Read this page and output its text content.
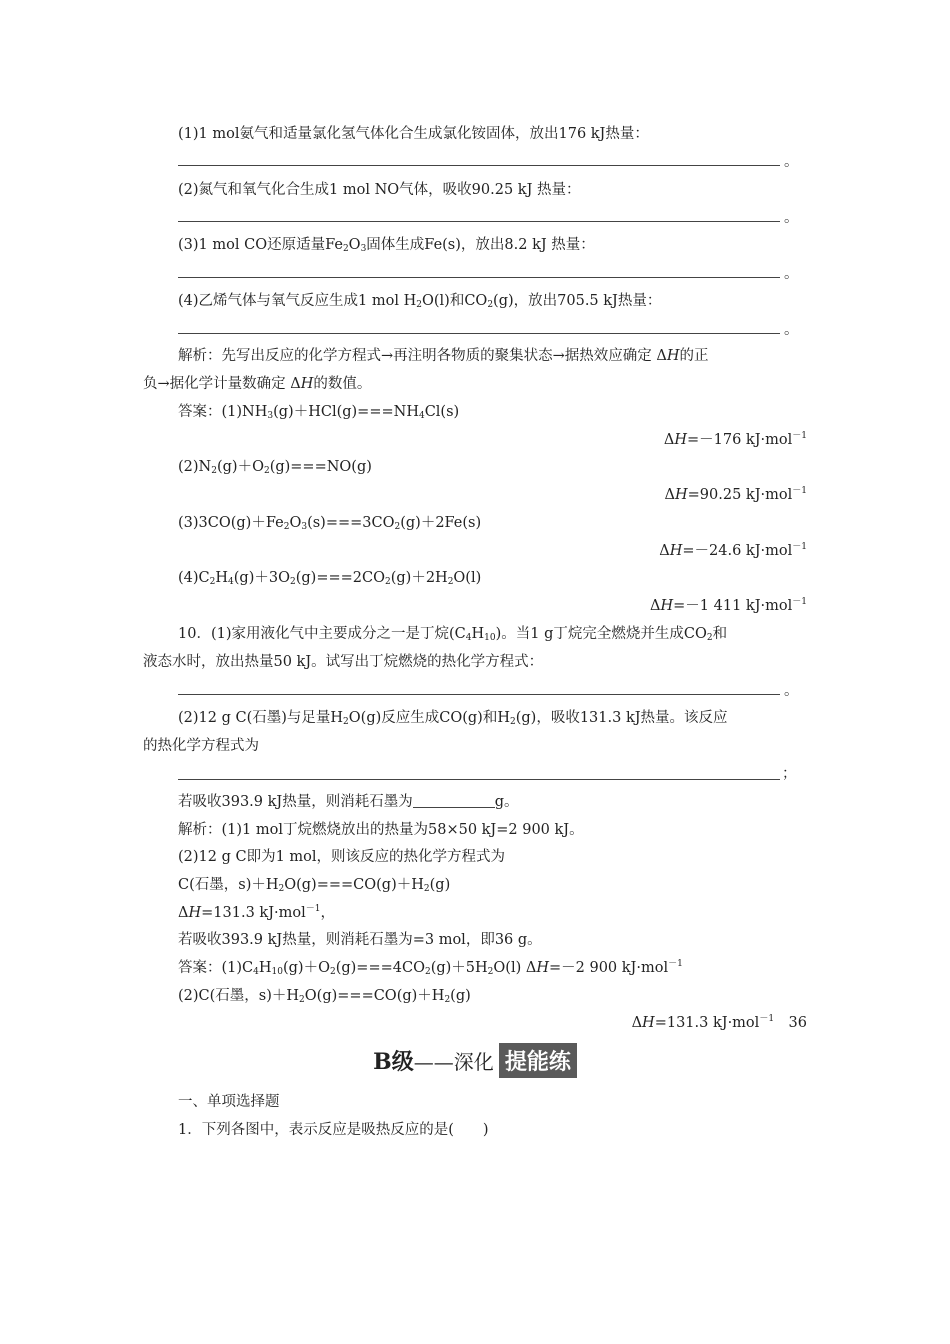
(1)1 mol氨气和适量氯化氢气体化合生成氯化铵固体，放出176 kJ热量：
。
(2)氮气和氧气化合生成1 mol NO气体，吸收90.25 kJ 热量：
。
(3)1 mol CO还原适量$Fe_2O_3$固体生成Fe(s)，放出8.2 kJ 热量：
。
(4)乙烯气体与氧气反应生成1 mol $H_2O(l)$和$CO_2(g)$，放出705.5 kJ热量：
。
解析：先写出反应的化学方程式→再注明各物质的聚集状态→据热效应确定 ΔH的正
负→据化学计量数确定 ΔH的数值。
答案：$(1)NH_3(g)+HCl(g)===NH_4Cl(s)$
ΔH=－176 kJ·mol$^{-1}$
$(2)N_2(g)+O_2(g)===NO(g)$
ΔH=90.25 kJ·mol$^{-1}$
$(3)3CO(g)+Fe_2O_3(s)===3CO_2(g)+2Fe(s)$
ΔH=－24.6 kJ·mol$^{-1}$
$(4)C_2H_4(g)+3O_2(g)===2CO_2(g)+2H_2O(l)$
ΔH=－1 411 kJ·mol$^{-1}$
10．(1)家用液化气中主要成分之一是丁烷$(C_4H_{10})$。当1 g丁烷完全燃烧并生成$CO_2$和
液态水时，放出热量50 kJ。试写出丁烷燃烧的热化学方程式：
。
(2)12 g C(石墨)与足量$H_2O(g)$反应生成CO(g)和$H_2(g)$，吸收131.3 kJ热量。该反应
的热化学方程式为
；
若吸收393.9 kJ热量，则消耗石墨为	g。
解析：(1)1 mol丁烷燃烧放出的热量为58×50 kJ=2 900 kJ。
(2)12 g C即为1 mol，则该反应的热化学方程式为
C(石墨，$s)+H_2O(g)===CO(g)+H_2(g)$
ΔH=131.3 kJ·mol$^{-1}$，
若吸收393.9 kJ热量，则消耗石墨为=3 mol，即36 g。
答案：$(1)C_4H_{10}(g)+O_2(g)===4CO_2(g)+5H_2O(l)$ ΔH=－2 900 kJ·mol$^{-1}$
(2)C(石墨，$s)+H_2O(g)===CO(g)+H_2(g)$
ΔH=131.3 kJ·mol$^{-1}$　36
B级——深化 提能练
一、单项选择题
1．下列各图中，表示反应是吸热反应的是(　　)
